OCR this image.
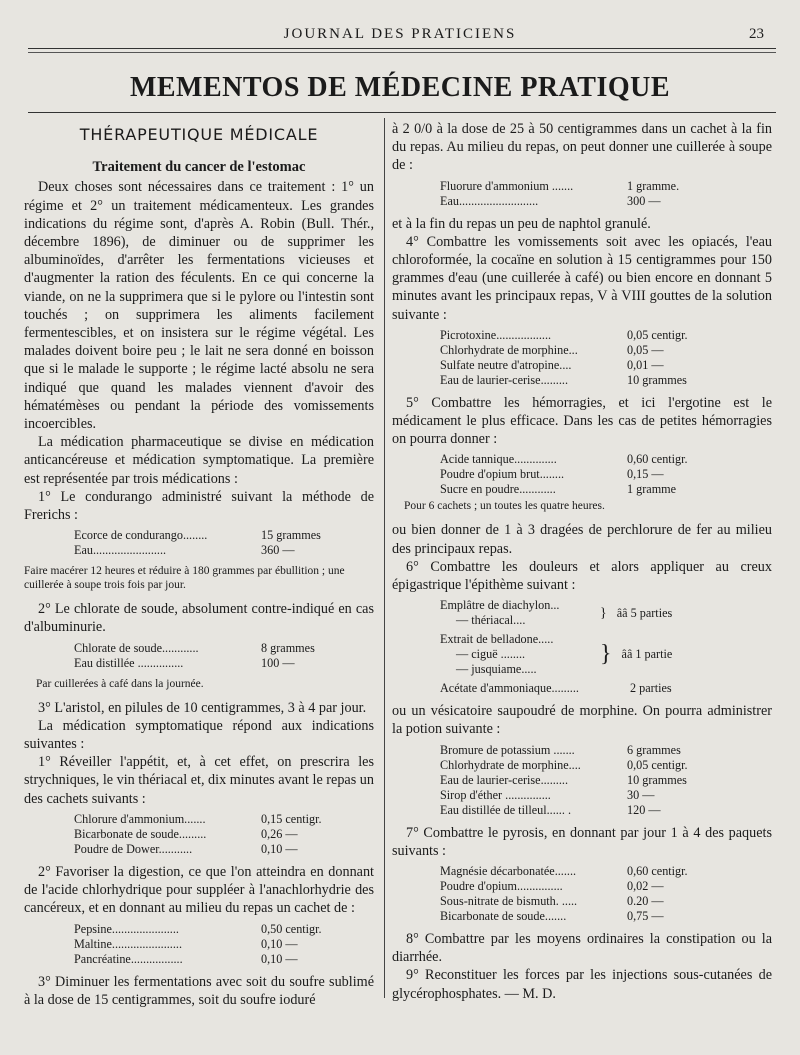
JOURNAL DES PRATICIENS	23
MEMENTOS DE MÉDECINE PRATIQUE
THÉRAPEUTIQUE MÉDICALE
Traitement du cancer de l'estomac

Deux choses sont nécessaires dans ce traitement : 1° un régime et 2° un traitement médicamenteux. Les grandes indications du régime sont, d'après A. Robin (Bull. Thér., décembre 1896), de diminuer ou de supprimer les albuminoïdes, d'arrêter les fermentations vicieuses et d'augmenter la ration des féculents. En ce qui concerne la viande, on ne la supprimera que si le pylore ou l'intestin sont touchés ; on supprimera les aliments facilement fermentescibles, et on insistera sur le régime végétal. Les malades doivent boire peu ; le lait ne sera donné en boisson que si le malade le supporte ; le régime lacté absolu ne sera indiqué que quand les malades viennent d'avoir des hématémèses ou pendant la période des vomissements incoercibles.

La médication pharmaceutique se divise en médication anticancéreuse et médication symptomatique. La première est représentée par trois médications :

1° Le condurango administré suivant la méthode de Frerichs :

Ecorce de condurango........	15 grammes
Eau........................	360 —
Faire macérer 12 heures et réduire à 180 grammes par ébullition ; une cuillerée à soupe trois fois par jour.

2° Le chlorate de soude, absolument contre-indiqué en cas d'albuminurie.

Chlorate de soude............	8 grammes
Eau distillée ...............	100 —
Par cuillerées à café dans la journée.

3° L'aristol, en pilules de 10 centigrammes, 3 à 4 par jour.

La médication symptomatique répond aux indications suivantes :

1° Réveiller l'appétit, et, à cet effet, on prescrira les strychniques, le vin thériacal et, dix minutes avant le repas un des cachets suivants :

Chlorure d'ammonium.......	0,15 centigr.
Bicarbonate de soude.........	0,26 —
Poudre de Dower...........	0,10 —

2° Favoriser la digestion, ce que l'on atteindra en donnant de l'acide chlorhydrique pour suppléer à l'anachlorhydrie des cancéreux, et en donnant au milieu du repas un cachet de :

Pepsine......................	0,50 centigr.
Maltine.......................	0,10 —
Pancréatine.................	0,10 —

3° Diminuer les fermentations avec soit du soufre sublimé à la dose de 15 centigrammes, soit du soufre ioduré

à 2 0/0 à la dose de 25 à 50 centigrammes dans un cachet à la fin du repas. Au milieu du repas, on peut donner une cuillerée à soupe de :

Fluorure d'ammonium .......	1 gramme.
Eau..........................	300 —

et à la fin du repas un peu de naphtol granulé.

4° Combattre les vomissements soit avec les opiacés, l'eau chloroformée, la cocaïne en solution à 15 centigrammes pour 150 grammes d'eau (une cuillerée à café) ou bien encore en donnant 5 minutes avant les principaux repas, V à VIII gouttes de la solution suivante :

Picrotoxine..................	0,05 centigr.
Chlorhydrate de morphine...	0,05 —
Sulfate neutre d'atropine....	0,01 —
Eau de laurier-cerise.........	10 grammes

5° Combattre les hémorragies, et ici l'ergotine est le médicament le plus efficace. Dans les cas de petites hémorragies on pourra donner :

Acide tannique..............	0,60 centigr.
Poudre d'opium brut........	0,15 —
Sucre en poudre............	1 gramme
Pour 6 cachets ; un toutes les quatre heures.

ou bien donner de 1 à 3 dragées de perchlorure de fer au milieu des principaux repas.

6° Combattre les douleurs et alors appliquer au creux épigastrique l'épithème suivant :

Emplâtre de diachylon...
— thériacal....	} ââ 5 parties
Extrait de belladone.....
— ciguë ........
— jusquiame.....
} ââ 1 partie
Acétate d'ammoniaque.........	2 parties

ou un vésicatoire saupoudré de morphine. On pourra administrer la potion suivante :

Bromure de potassium .......	6 grammes
Chlorhydrate de morphine....	0,05 centigr.
Eau de laurier-cerise.........	10 grammes
Sirop d'éther ...............	30 —
Eau distillée de tilleul...... .	120 —

7° Combattre le pyrosis, en donnant par jour 1 à 4 des paquets suivants :

Magnésie décarbonatée.......	0,60 centigr.
Poudre d'opium...............	0,02 —
Sous-nitrate de bismuth. .....	0.20 —
Bicarbonate de soude.......	0,75 —

8° Combattre par les moyens ordinaires la constipation ou la diarrhée.

9° Reconstituer les forces par les injections sous-cutanées de glycérophosphates. — M. D.
